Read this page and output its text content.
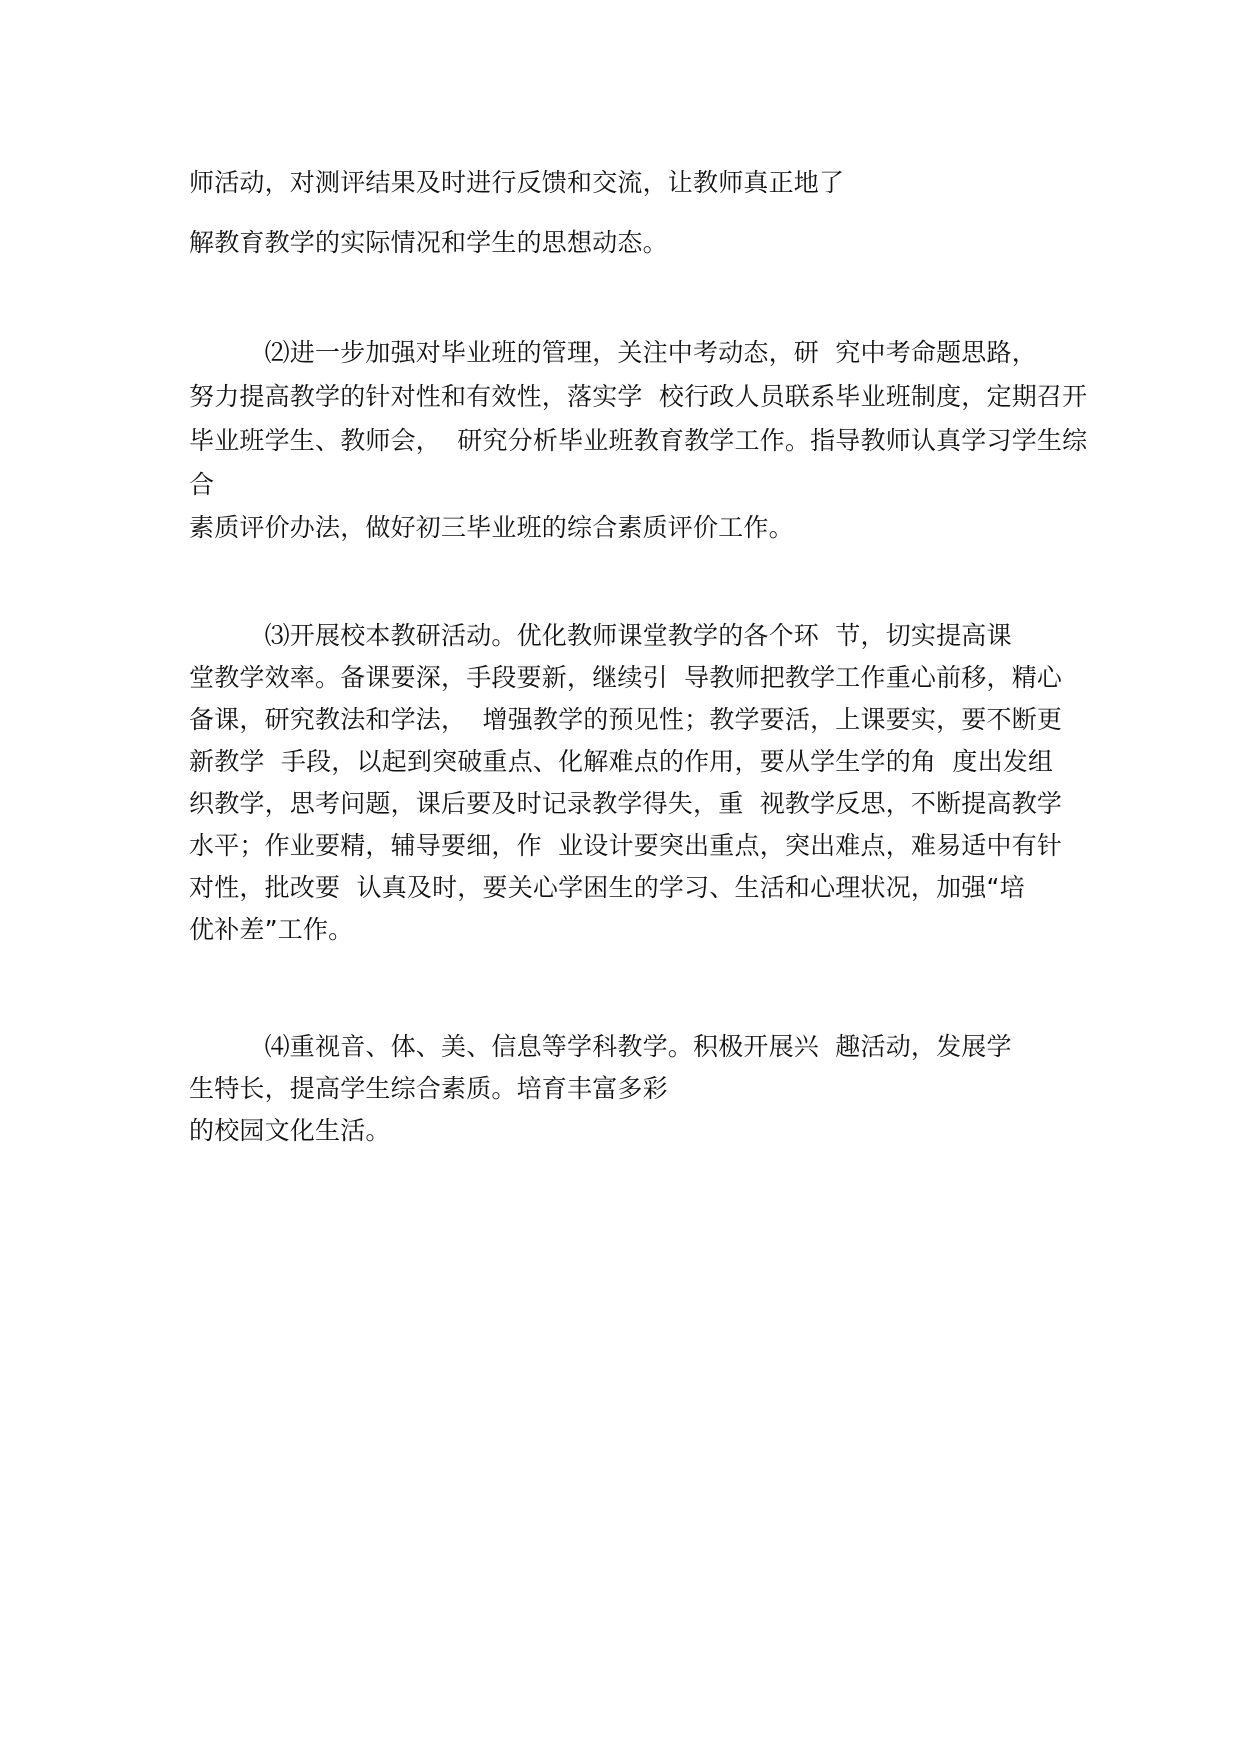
师活动，对测评结果及时进行反馈和交流，让教师真正地了
解教育教学的实际情况和学生的思想动态。
　　　⑵进一步加强对毕业班的管理，关注中考动态，研  究中考命题思路，
努力提高教学的针对性和有效性，落实学  校行政人员联系毕业班制度，定期召开
毕业班学生、教师会，  研究分析毕业班教育教学工作。指导教师认真学习学生综
合
素质评价办法，做好初三毕业班的综合素质评价工作。
　　　⑶开展校本教研活动。优化教师课堂教学的各个环  节，切实提高课
堂教学效率。备课要深，手段要新，继续引  导教师把教学工作重心前移，精心
备课，研究教法和学法，  增强教学的预见性；教学要活，上课要实，要不断更
新教学  手段，以起到突破重点、化解难点的作用，要从学生学的角  度出发组
织教学，思考问题，课后要及时记录教学得失，重  视教学反思，不断提高教学
水平；作业要精，辅导要细，作  业设计要突出重点，突出难点，难易适中有针
对性，批改要  认真及时，要关心学困生的学习、生活和心理状况，加强“培
优补差”工作。
　　　⑷重视音、体、美、信息等学科教学。积极开展兴  趣活动，发展学
生特长，提高学生综合素质。培育丰富多彩
的校园文化生活。
